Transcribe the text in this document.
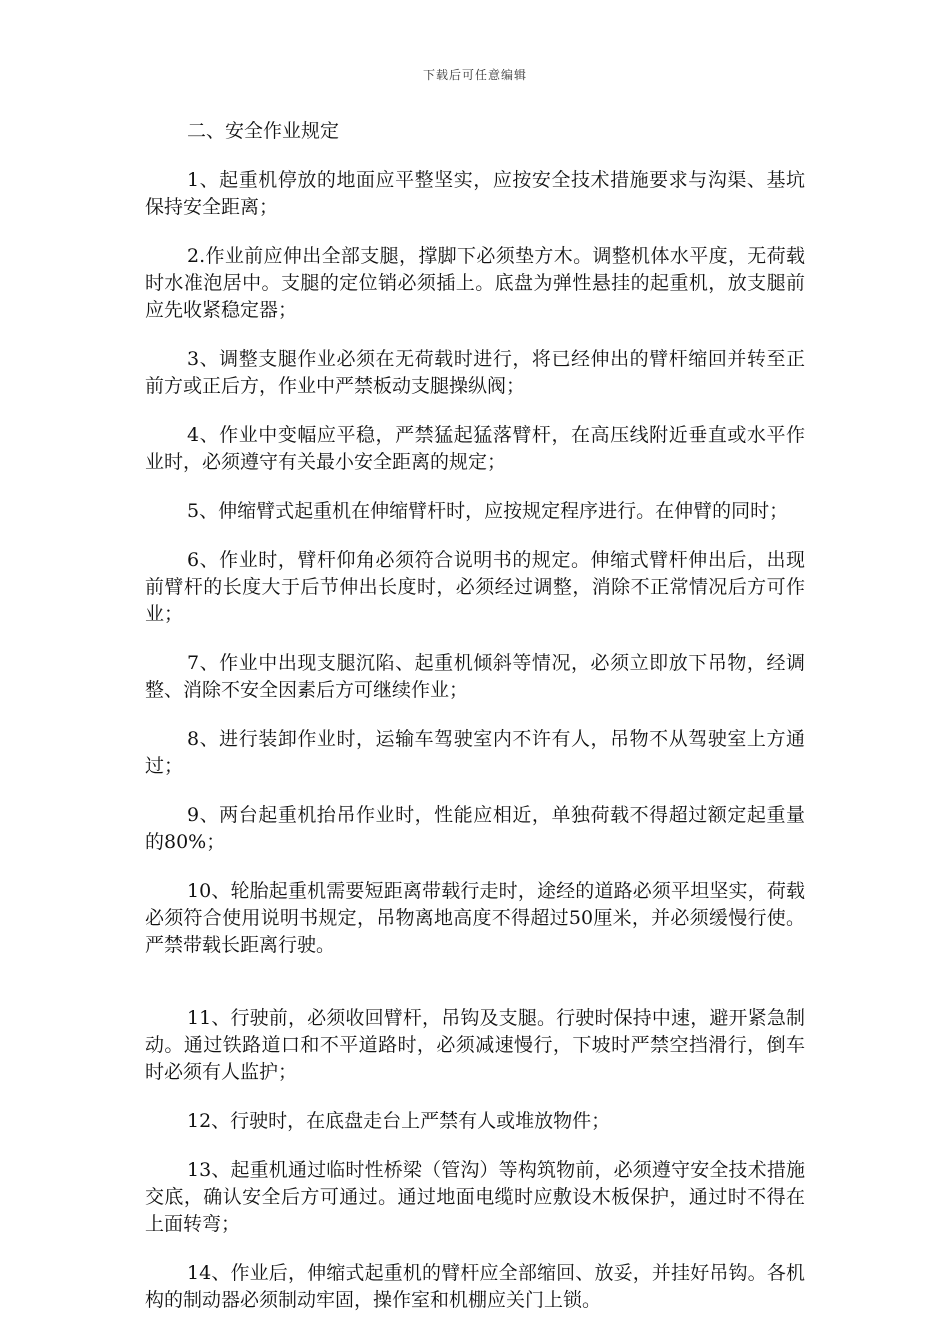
下载后可任意编辑

二、安全作业规定

1、起重机停放的地面应平整坚实，应按安全技术措施要求与沟渠、基坑保持安全距离；

2.作业前应伸出全部支腿，撑脚下必须垫方木。调整机体水平度，无荷载时水准泡居中。支腿的定位销必须插上。底盘为弹性悬挂的起重机，放支腿前应先收紧稳定器；

3、调整支腿作业必须在无荷载时进行，将已经伸出的臂杆缩回并转至正前方或正后方，作业中严禁板动支腿操纵阀；

4、作业中变幅应平稳，严禁猛起猛落臂杆，在高压线附近垂直或水平作业时，必须遵守有关最小安全距离的规定；

5、伸缩臂式起重机在伸缩臂杆时，应按规定程序进行。在伸臂的同时；

6、作业时，臂杆仰角必须符合说明书的规定。伸缩式臂杆伸出后，出现前臂杆的长度大于后节伸出长度时，必须经过调整，消除不正常情况后方可作业；

7、作业中出现支腿沉陷、起重机倾斜等情况，必须立即放下吊物，经调整、消除不安全因素后方可继续作业；

8、进行装卸作业时，运输车驾驶室内不许有人，吊物不从驾驶室上方通过；

9、两台起重机抬吊作业时，性能应相近，单独荷载不得超过额定起重量的80%；

10、轮胎起重机需要短距离带载行走时，途经的道路必须平坦坚实，荷载必须符合使用说明书规定，吊物离地高度不得超过50厘米，并必须缓慢行使。严禁带载长距离行驶。

11、行驶前，必须收回臂杆，吊钩及支腿。行驶时保持中速，避开紧急制动。通过铁路道口和不平道路时，必须减速慢行，下坡时严禁空挡滑行，倒车时必须有人监护；

12、行驶时，在底盘走台上严禁有人或堆放物件；

13、起重机通过临时性桥梁（管沟）等构筑物前，必须遵守安全技术措施交底，确认安全后方可通过。通过地面电缆时应敷设木板保护，通过时不得在上面转弯；

14、作业后，伸缩式起重机的臂杆应全部缩回、放妥，并挂好吊钩。各机构的制动器必须制动牢固，操作室和机棚应关门上锁。
